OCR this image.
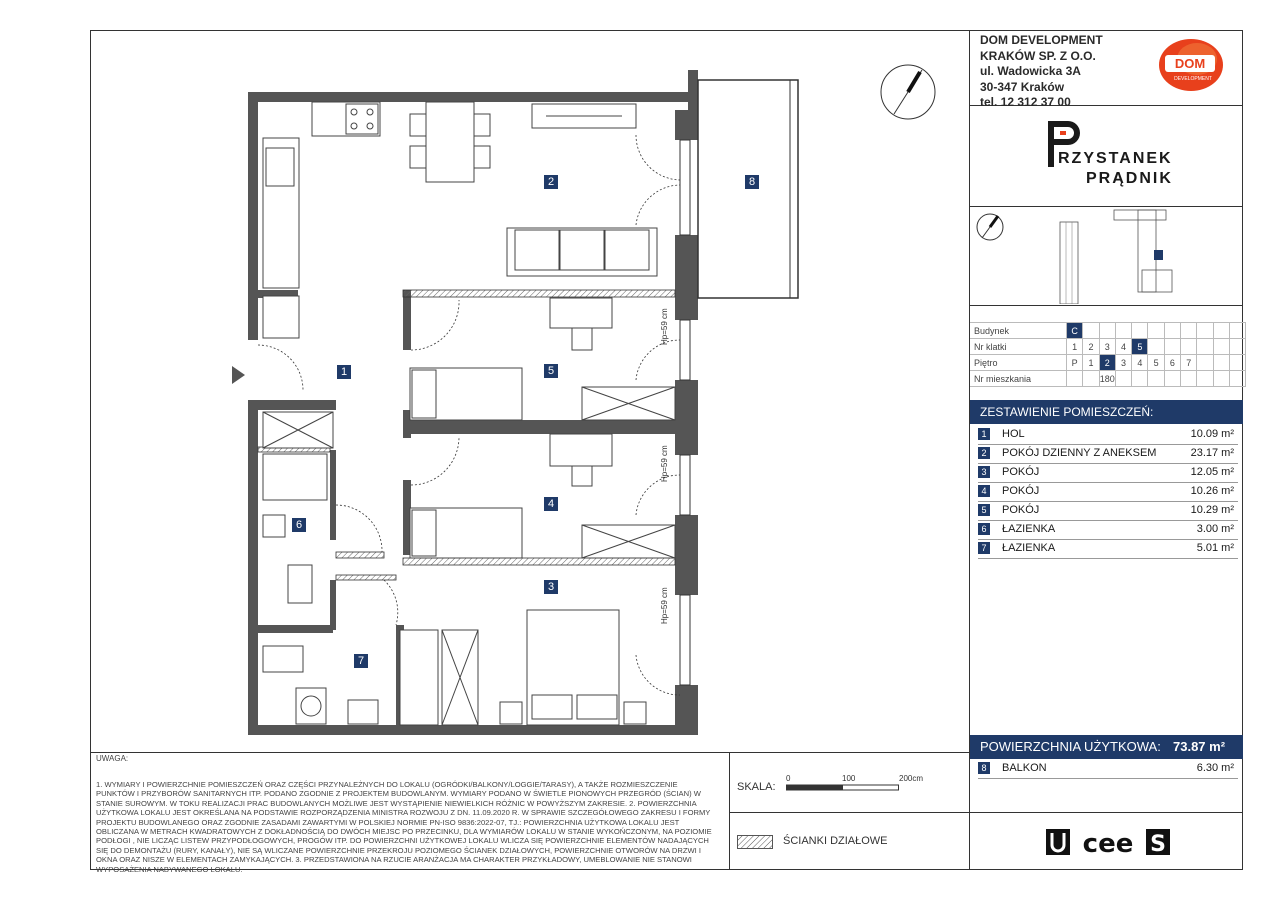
DOM DEVELOPMENT
KRAKÓW SP. Z O.O.
ul. Wadowicka 3A
30-347 Kraków
tel. 12 312 37 00
DOM
DEVELOPMENT
RZYSTANEK
PRĄDNIK
Budynek	C										
Nr klatki	1	2	3	4	5						
Piętro	P	1	2	3	4	5	6	7			
Nr mieszkania			180								
ZESTAWIENIE POMIESZCZEŃ:
1 HOL	10.09 m²
2 POKÓJ DZIENNY Z ANEKSEM	23.17 m²
3 POKÓJ	12.05 m²
4 POKÓJ	10.26 m²
5 POKÓJ	10.29 m²
6 ŁAZIENKA	3.00 m²
7 ŁAZIENKA	5.01 m²
POWIERZCHNIA UŻYTKOWA: 73.87 m²
8 BALKON	6.30 m²
UWAGA:
1. WYMIARY I POWIERZCHNIE POMIESZCZEŃ ORAZ CZĘŚCI PRZYNALEŻNYCH DO LOKALU (OGRÓDKI/BALKONY/LOGGIE/TARASY), A TAKŻE ROZMIESZCZENIE PUNKTÓW I PRZYBORÓW SANITARNYCH ITP. PODANO ZGODNIE Z PROJEKTEM BUDOWLANYM. WYMIARY PODANO W ŚWIETLE PIONOWYCH PRZEGRÓD (ŚCIAN) W STANIE SUROWYM. W TOKU REALIZACJI PRAC BUDOWLANYCH MOŻLIWE JEST WYSTĄPIENIE NIEWIELKICH RÓŻNIC W POWYŻSZYM ZAKRESIE. 2. POWIERZCHNIA UŻYTKOWA LOKALU JEST OKREŚLANA NA PODSTAWIE ROZPORZĄDZENIA MINISTRA ROZWOJU Z DN. 11.09.2020 R. W SPRAWIE SZCZEGÓŁOWEGO ZAKRESU I FORMY PROJEKTU BUDOWLANEGO ORAZ ZGODNIE ZASADAMI ZAWARTYMI W POLSKIEJ NORMIE PN-ISO 9836:2022-07, TJ.: POWIERZCHNIA UŻYTKOWA LOKALU JEST OBLICZANA W METRACH KWADRATOWYCH Z DOKŁADNOŚCIĄ DO DWÓCH MIEJSC PO PRZECINKU, DLA WYMIARÓW LOKALU W STANIE WYKOŃCZONYM, NA POZIOMIE PODŁOGI , NIE LICZĄC LISTEW PRZYPODŁOGOWYCH, PROGÓW ITP. DO POWIERZCHNI UŻYTKOWEJ LOKALU WLICZA SIĘ POWIERZCHNIE ELEMENTÓW NADAJĄCYCH SIĘ DO DEMONTAŻU (RURY, KANAŁY), NIE SĄ WLICZANE POWIERZCHNIE PRZEKROJU POZIOMEGO ŚCIANEK DZIAŁOWYCH, POWIERZCHNIE OTWORÓW NA DRZWI I OKNA ORAZ NISZE W ELEMENTACH ZAMYKAJĄCYCH. 3. PRZEDSTAWIONA NA RZUCIE ARANŻACJA MA CHARAKTER PRZYKŁADOWY, UMEBLOWANIE NIE STANOWI WYPOSAŻENIA NABYWANEGO LOKALU.
SKALA:
0	100	200cm
ŚCIANKI DZIAŁOWE	cee S
1
2
3
4
5
6
7
8
Hp=59 cm
Hp=59 cm
Hp=59 cm
